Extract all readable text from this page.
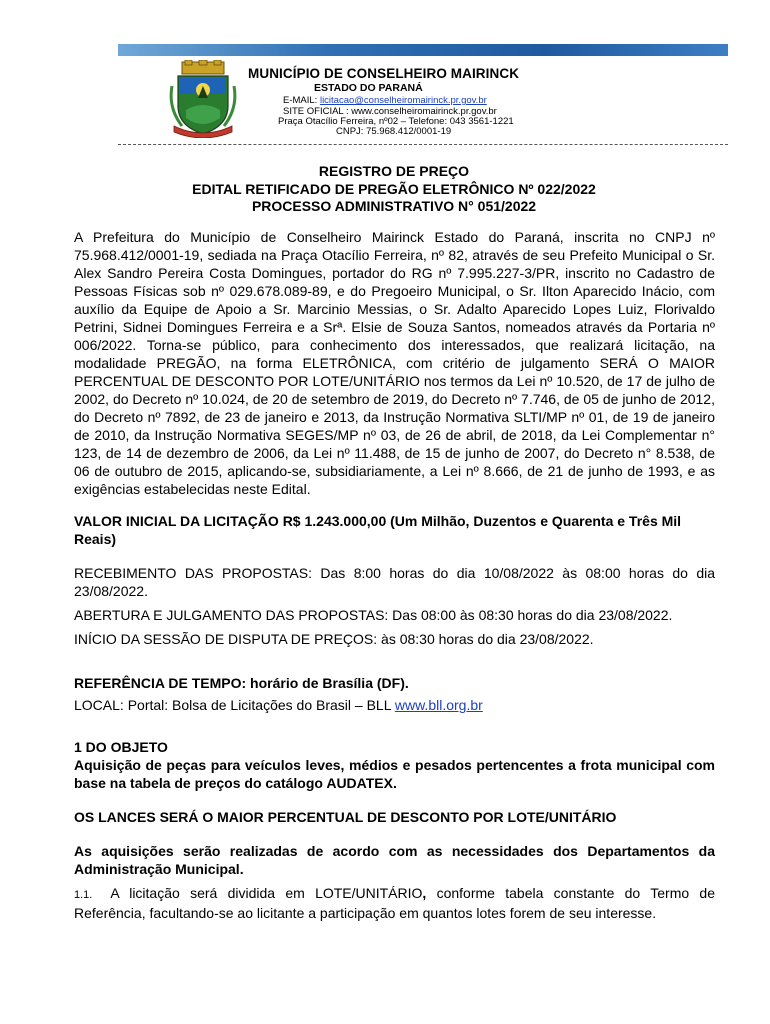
MUNICÍPIO DE CONSELHEIRO MAIRINCK
ESTADO DO PARANÁ
E-MAIL: licitacao@conselheiromairinck.pr.gov.br
SITE OFICIAL : www.conselheiromairinck.pr.gov.br
Praça Otacílio Ferreira, nº02 – Telefone: 043 3561-1221
CNPJ: 75.968.412/0001-19
REGISTRO DE PREÇO
EDITAL RETIFICADO DE PREGÃO ELETRÔNICO Nº 022/2022
PROCESSO ADMINISTRATIVO N° 051/2022

A Prefeitura do Município de Conselheiro Mairinck Estado do Paraná, inscrita no CNPJ nº 75.968.412/0001-19, sediada na Praça Otacílio Ferreira, nº 82, através de seu Prefeito Municipal o Sr. Alex Sandro Pereira Costa Domingues, portador do RG nº 7.995.227-3/PR, inscrito no Cadastro de Pessoas Físicas sob nº 029.678.089-89, e do Pregoeiro Municipal, o Sr. Ilton Aparecido Inácio, com auxílio da Equipe de Apoio a Sr. Marcinio Messias, o Sr. Adalto Aparecido Lopes Luiz, Florivaldo Petrini, Sidnei Domingues Ferreira e a Srª. Elsie de Souza Santos, nomeados através da Portaria nº 006/2022. Torna-se público, para conhecimento dos interessados, que realizará licitação, na modalidade PREGÃO, na forma ELETRÔNICA, com critério de julgamento SERÁ O MAIOR PERCENTUAL DE DESCONTO POR LOTE/UNITÁRIO nos termos da Lei nº 10.520, de 17 de julho de 2002, do Decreto nº 10.024, de 20 de setembro de 2019, do Decreto nº 7.746, de 05 de junho de 2012, do Decreto nº 7892, de 23 de janeiro e 2013, da Instrução Normativa SLTI/MP nº 01, de 19 de janeiro de 2010, da Instrução Normativa SEGES/MP nº 03, de 26 de abril, de 2018, da Lei Complementar n° 123, de 14 de dezembro de 2006, da Lei nº 11.488, de 15 de junho de 2007, do Decreto n° 8.538, de 06 de outubro de 2015, aplicando-se, subsidiariamente, a Lei nº 8.666, de 21 de junho de 1993, e as exigências estabelecidas neste Edital.

VALOR INICIAL DA LICITAÇÃO R$ 1.243.000,00 (Um Milhão, Duzentos e Quarenta e Três Mil Reais)

RECEBIMENTO DAS PROPOSTAS: Das 8:00 horas do dia 10/08/2022 às 08:00 horas do dia 23/08/2022.

ABERTURA E JULGAMENTO DAS PROPOSTAS: Das 08:00 às 08:30 horas do dia 23/08/2022.

INÍCIO DA SESSÃO DE DISPUTA DE PREÇOS: às 08:30 horas do dia 23/08/2022.

REFERÊNCIA DE TEMPO: horário de Brasília (DF).

LOCAL: Portal: Bolsa de Licitações do Brasil – BLL www.bll.org.br

1 DO OBJETO

Aquisição de peças para veículos leves, médios e pesados pertencentes a frota municipal com base na tabela de preços do catálogo AUDATEX.

OS LANCES SERÁ O MAIOR PERCENTUAL DE DESCONTO POR LOTE/UNITÁRIO

As aquisições serão realizadas de acordo com as necessidades dos Departamentos da Administração Municipal.

1.1. A licitação será dividida em LOTE/UNITÁRIO, conforme tabela constante do Termo de Referência, facultando-se ao licitante a participação em quantos lotes forem de seu interesse.
